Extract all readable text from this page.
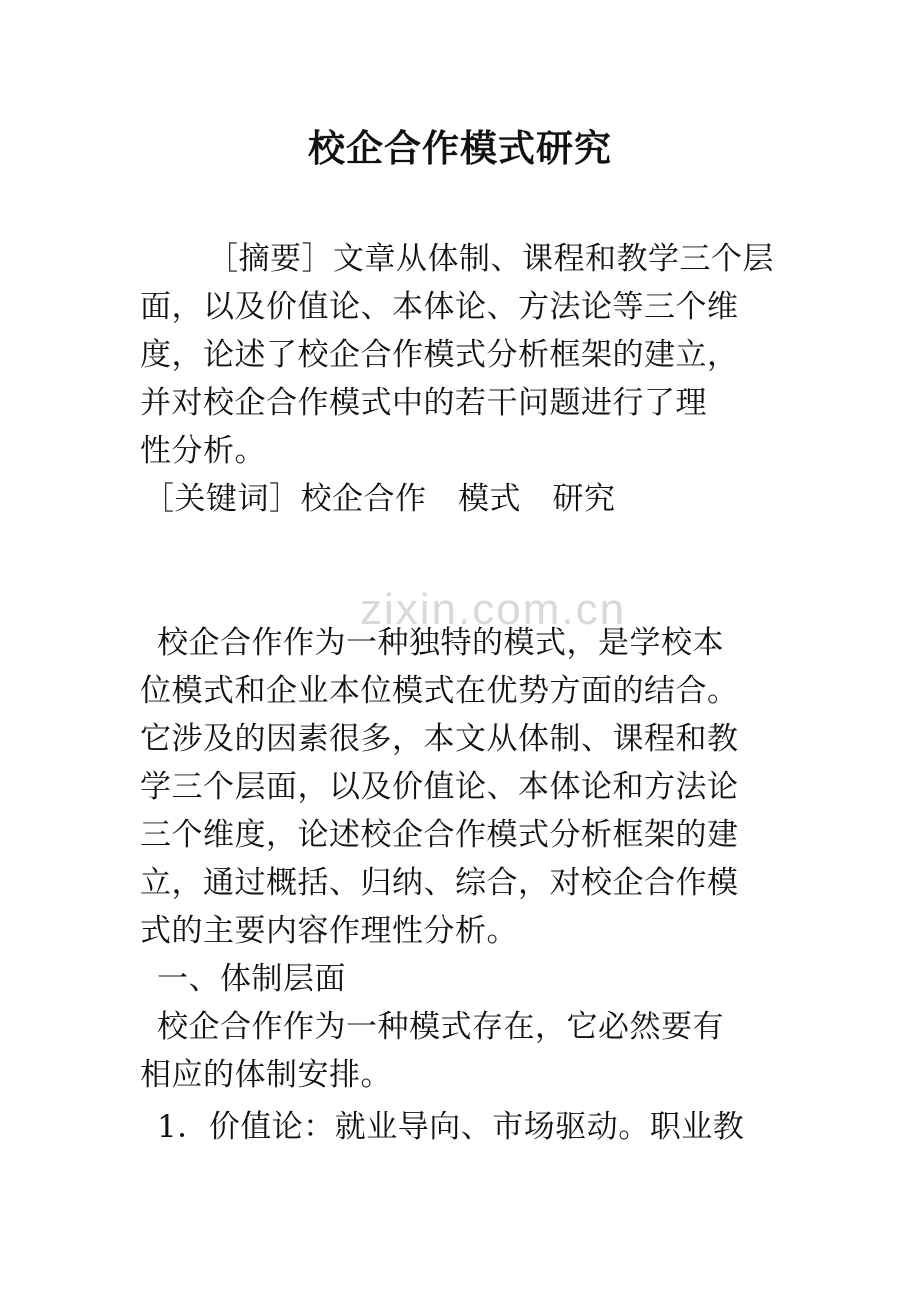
zixin.com.cn
校企合作模式研究
［摘要］文章从体制、课程和教学三个层
面，以及价值论、本体论、方法论等三个维
度，论述了校企合作模式分析框架的建立，
并对校企合作模式中的若干问题进行了理
性分析。
［关键词］校企合作　模式　研究
校企合作作为一种独特的模式，是学校本
位模式和企业本位模式在优势方面的结合。
它涉及的因素很多，本文从体制、课程和教
学三个层面，以及价值论、本体论和方法论
三个维度，论述校企合作模式分析框架的建
立，通过概括、归纳、综合，对校企合作模
式的主要内容作理性分析。
一、体制层面
校企合作作为一种模式存在，它必然要有
相应的体制安排。
1．价值论：就业导向、市场驱动。职业教
